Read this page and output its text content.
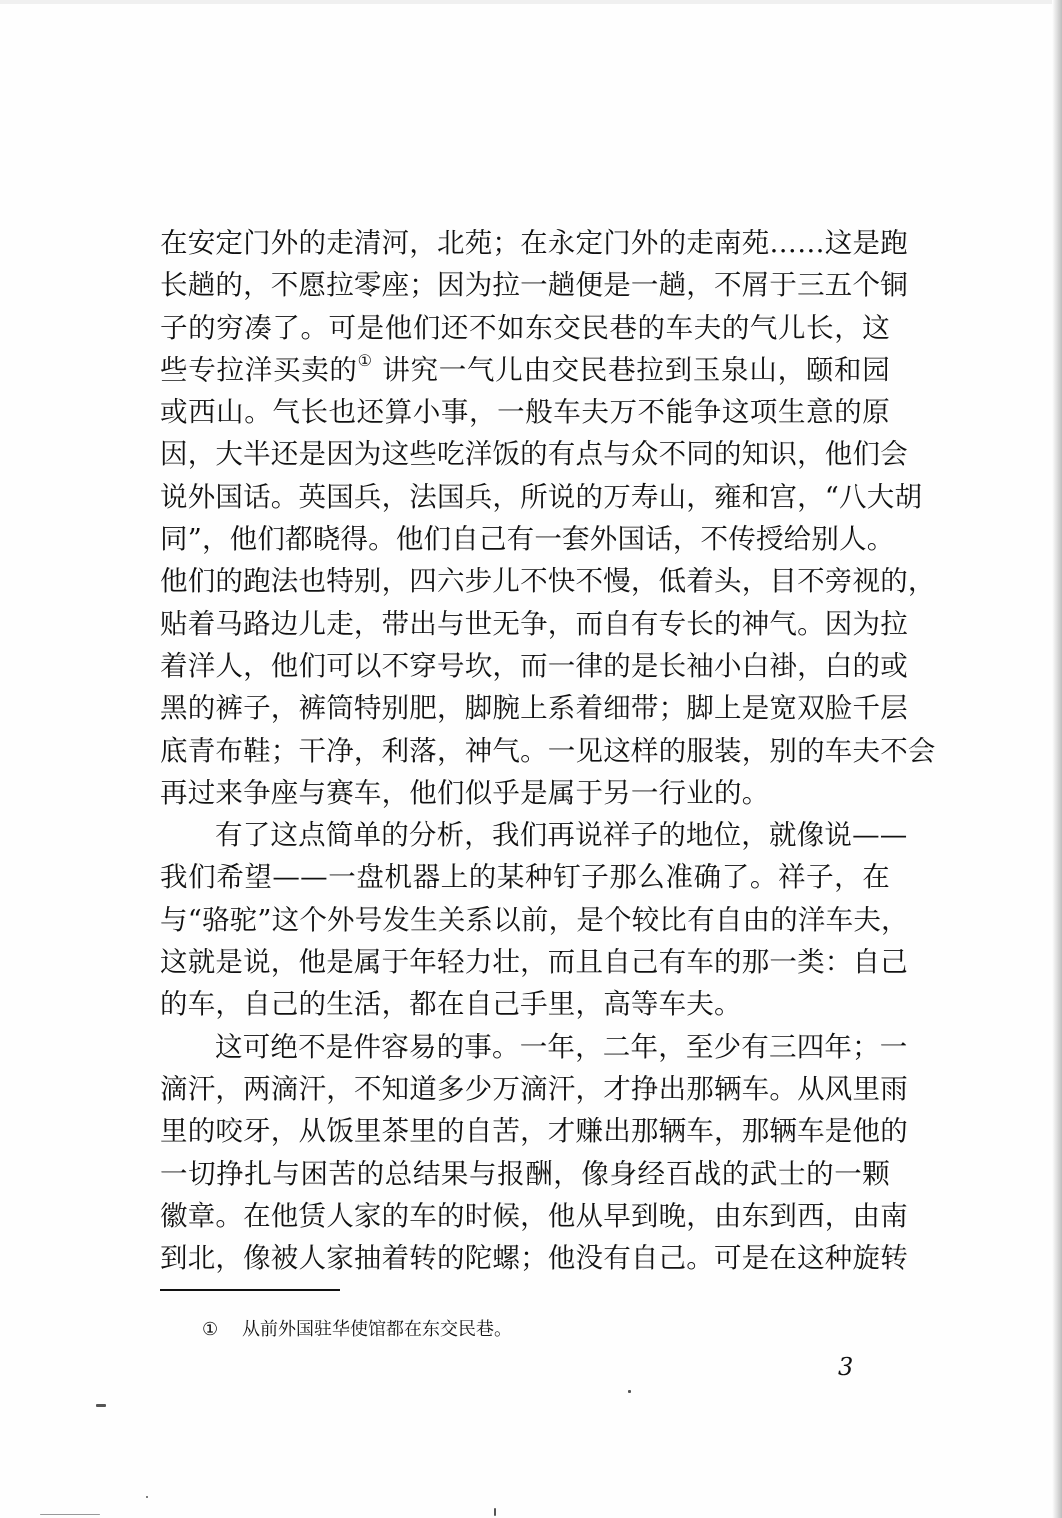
在安定门外的走清河，北苑；在永定门外的走南苑……这是跑
长趟的，不愿拉零座；因为拉一趟便是一趟，不屑于三五个铜
子的穷凑了。可是他们还不如东交民巷的车夫的气儿长，这
些专拉洋买卖的① 讲究一气儿由交民巷拉到玉泉山，颐和园
或西山。气长也还算小事，一般车夫万不能争这项生意的原
因，大半还是因为这些吃洋饭的有点与众不同的知识，他们会
说外国话。英国兵，法国兵，所说的万寿山，雍和宫，“八大胡
同”，他们都晓得。他们自己有一套外国话，不传授给别人。
他们的跑法也特别，四六步儿不快不慢，低着头，目不旁视的，
贴着马路边儿走，带出与世无争，而自有专长的神气。因为拉
着洋人，他们可以不穿号坎，而一律的是长袖小白褂，白的或
黑的裤子，裤筒特别肥，脚腕上系着细带；脚上是宽双脸千层
底青布鞋；干净，利落，神气。一见这样的服装，别的车夫不会
再过来争座与赛车，他们似乎是属于另一行业的。
有了这点简单的分析，我们再说祥子的地位，就像说——
我们希望——一盘机器上的某种钉子那么准确了。祥子，在
与“骆驼”这个外号发生关系以前，是个较比有自由的洋车夫，
这就是说，他是属于年轻力壮，而且自己有车的那一类：自己
的车，自己的生活，都在自己手里，高等车夫。
这可绝不是件容易的事。一年，二年，至少有三四年；一
滴汗，两滴汗，不知道多少万滴汗，才挣出那辆车。从风里雨
里的咬牙，从饭里茶里的自苦，才赚出那辆车，那辆车是他的
一切挣扎与困苦的总结果与报酬，像身经百战的武士的一颗
徽章。在他赁人家的车的时候，他从早到晚，由东到西，由南
到北，像被人家抽着转的陀螺；他没有自己。可是在这种旋转
① 从前外国驻华使馆都在东交民巷。
3
